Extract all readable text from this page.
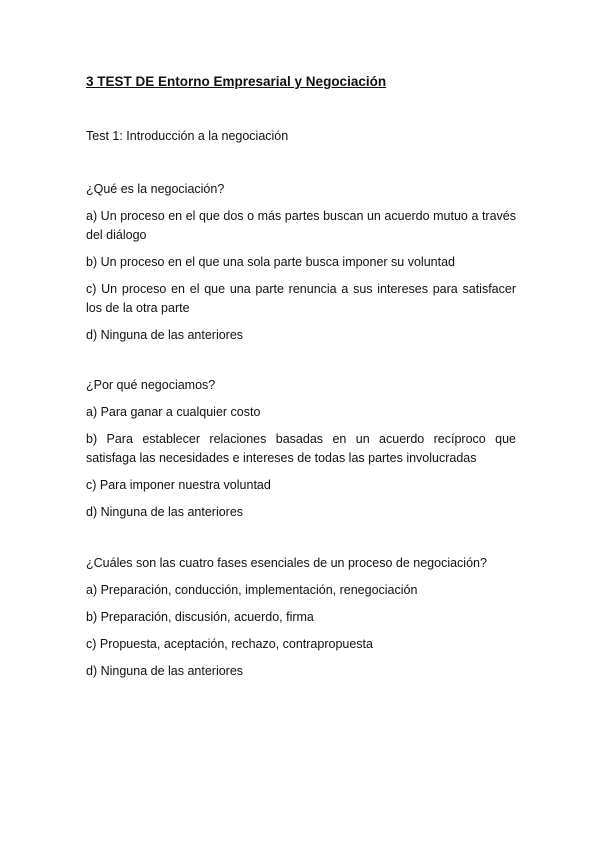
3 TEST DE Entorno Empresarial y Negociación
Test 1: Introducción a la negociación
¿Qué es la negociación?
a) Un proceso en el que dos o más partes buscan un acuerdo mutuo a través del diálogo
b) Un proceso en el que una sola parte busca imponer su voluntad
c) Un proceso en el que una parte renuncia a sus intereses para satisfacer los de la otra parte
d) Ninguna de las anteriores
¿Por qué negociamos?
a) Para ganar a cualquier costo
b) Para establecer relaciones basadas en un acuerdo recíproco que satisfaga las necesidades e intereses de todas las partes involucradas
c) Para imponer nuestra voluntad
d) Ninguna de las anteriores
¿Cuáles son las cuatro fases esenciales de un proceso de negociación?
a) Preparación, conducción, implementación, renegociación
b) Preparación, discusión, acuerdo, firma
c) Propuesta, aceptación, rechazo, contrapropuesta
d) Ninguna de las anteriores
